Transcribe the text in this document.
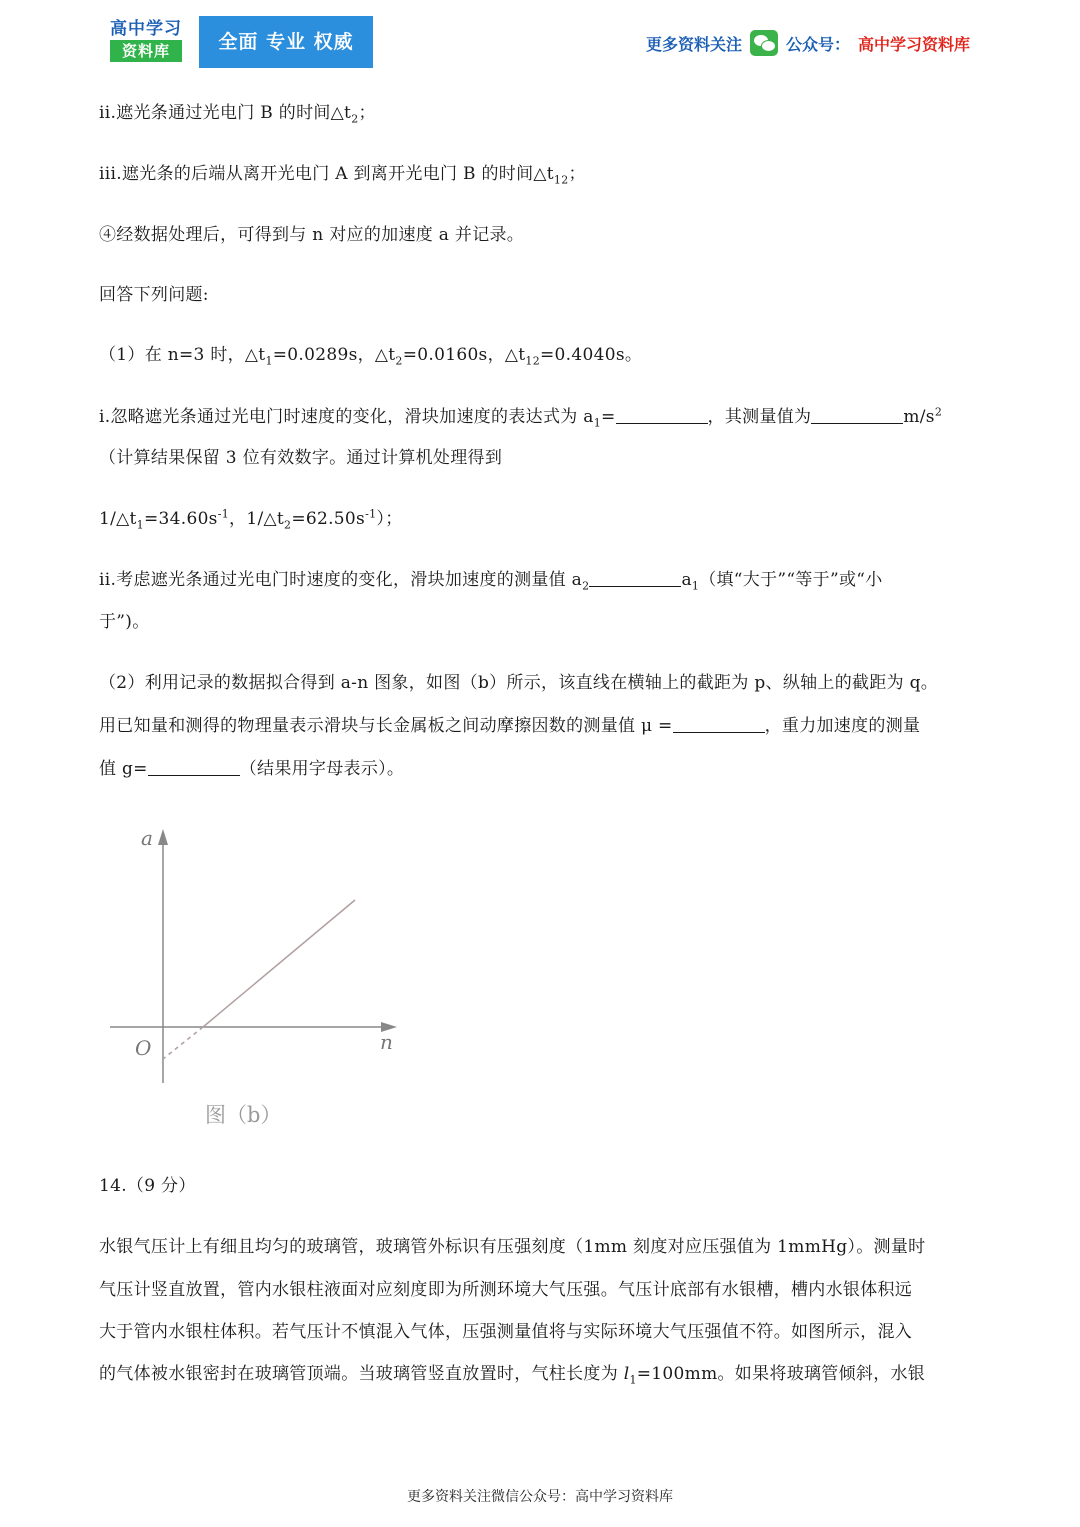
高中学习
资料库	全面 专业 权威	更多资料关注	公众号： 高中学习资料库
ii.遮光条通过光电门 B 的时间$\triangle t_2$；
iii.遮光条的后端从离开光电门 A 到离开光电门 B 的时间$\triangle t_{12}$；
④经数据处理后，可得到与 n 对应的加速度 a 并记录。
回答下列问题:
（1）在 n=3 时，$\triangle t_1=0.0289s$，$\triangle t_2=0.0160s$，$\triangle t_{12}=0.4040s$。
i.忽略遮光条通过光电门时速度的变化，滑块加速度的表达式为 $a_1=$	，其测量值为	$m/s^2$
（计算结果保留 3 位有效数字。通过计算机处理得到
$1/\triangle t_1=34.60s^{-1}$，$1/\triangle t_2=62.50s^{-1}$）；
ii.考虑遮光条通过光电门时速度的变化，滑块加速度的测量值 $a_2$	$a_1$（填“大于”“等于”或“小
于”)。
（2）利用记录的数据拟合得到 a-n 图象，如图（b）所示，该直线在横轴上的截距为 p、纵轴上的截距为 q。
用已知量和测得的物理量表示滑块与长金属板之间动摩擦因数的测量值 μ =	，重力加速度的测量
值 g=	（结果用字母表示）。
a
n
O
图（b）
14.（9 分）
水银气压计上有细且均匀的玻璃管，玻璃管外标识有压强刻度（1mm 刻度对应压强值为 1mmHg）。测量时
气压计竖直放置，管内水银柱液面对应刻度即为所测环境大气压强。气压计底部有水银槽，槽内水银体积远
大于管内水银柱体积。若气压计不慎混入气体，压强测量值将与实际环境大气压强值不符。如图所示，混入
的气体被水银密封在玻璃管顶端。当玻璃管竖直放置时，气柱长度为 $l_1=100mm$。如果将玻璃管倾斜，水银
更多资料关注微信公众号：高中学习资料库
